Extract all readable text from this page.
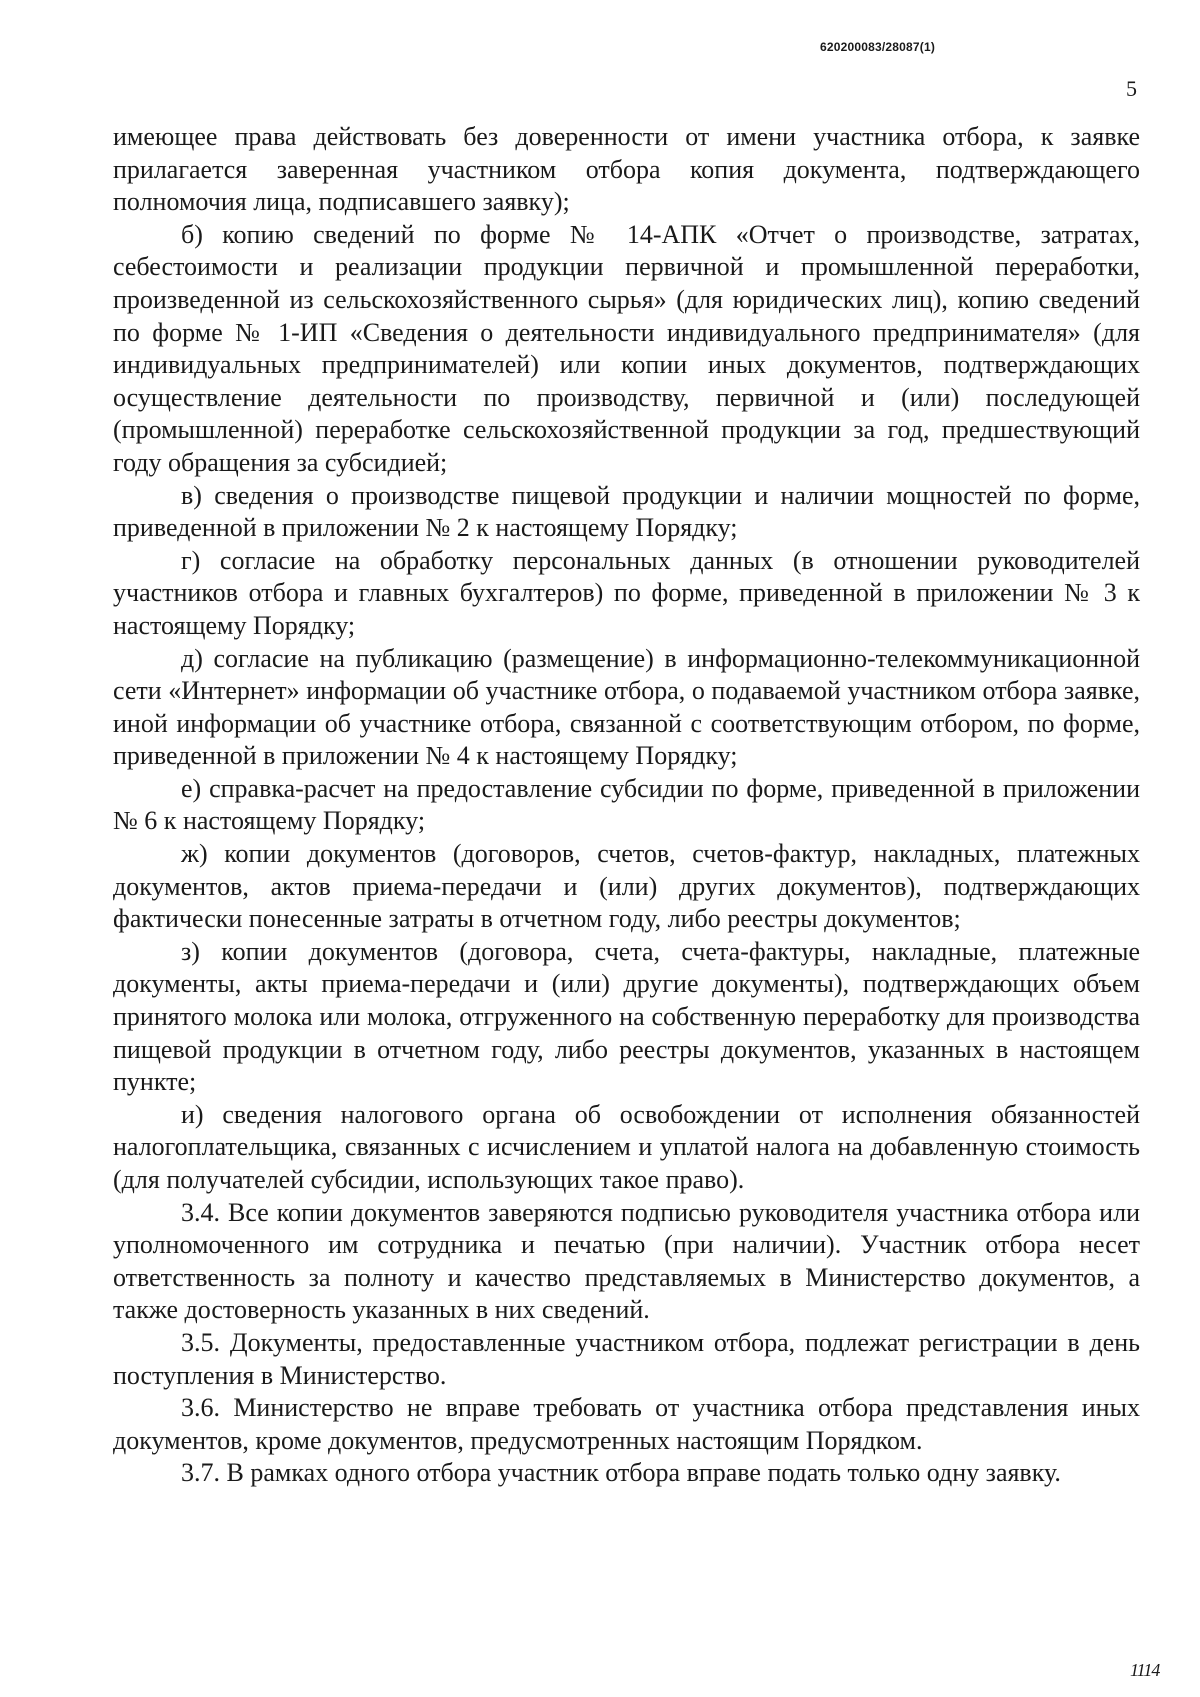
620200083/28087(1)
5

имеющее права действовать без доверенности от имени участника отбора, к заявке прилагается заверенная участником отбора копия документа, подтверждающего полномочия лица, подписавшего заявку);

б) копию сведений по форме № 14-АПК «Отчет о производстве, затратах, себестоимости и реализации продукции первичной и промышленной переработки, произведенной из сельскохозяйственного сырья» (для юридических лиц), копию сведений по форме № 1-ИП «Сведения о деятельности индивидуального предпринимателя» (для индивидуальных предпринимателей) или копии иных документов, подтверждающих осуществление деятельности по производству, первичной и (или) последующей (промышленной) переработке сельскохозяйственной продукции за год, предшествующий году обращения за субсидией;

в) сведения о производстве пищевой продукции и наличии мощностей по форме, приведенной в приложении № 2 к настоящему Порядку;

г) согласие на обработку персональных данных (в отношении руководителей участников отбора и главных бухгалтеров) по форме, приведенной в приложении № 3 к настоящему Порядку;

д) согласие на публикацию (размещение) в информационно-телекоммуникационной сети «Интернет» информации об участнике отбора, о подаваемой участником отбора заявке, иной информации об участнике отбора, связанной с соответствующим отбором, по форме, приведенной в приложении № 4 к настоящему Порядку;

е) справка-расчет на предоставление субсидии по форме, приведенной в приложении № 6 к настоящему Порядку;

ж) копии документов (договоров, счетов, счетов-фактур, накладных, платежных документов, актов приема-передачи и (или) других документов), подтверждающих фактически понесенные затраты в отчетном году, либо реестры документов;

з) копии документов (договора, счета, счета-фактуры, накладные, платежные документы, акты приема-передачи и (или) другие документы), подтверждающих объем принятого молока или молока, отгруженного на собственную переработку для производства пищевой продукции в отчетном году, либо реестры документов, указанных в настоящем пункте;

и) сведения налогового органа об освобождении от исполнения обязанностей налогоплательщика, связанных с исчислением и уплатой налога на добавленную стоимость (для получателей субсидии, использующих такое право).

3.4. Все копии документов заверяются подписью руководителя участника отбора или уполномоченного им сотрудника и печатью (при наличии). Участник отбора несет ответственность за полноту и качество представляемых в Министерство документов, а также достоверность указанных в них сведений.

3.5. Документы, предоставленные участником отбора, подлежат регистрации в день поступления в Министерство.

3.6. Министерство не вправе требовать от участника отбора представления иных документов, кроме документов, предусмотренных настоящим Порядком.

3.7. В рамках одного отбора участник отбора вправе подать только одну заявку.

1114
